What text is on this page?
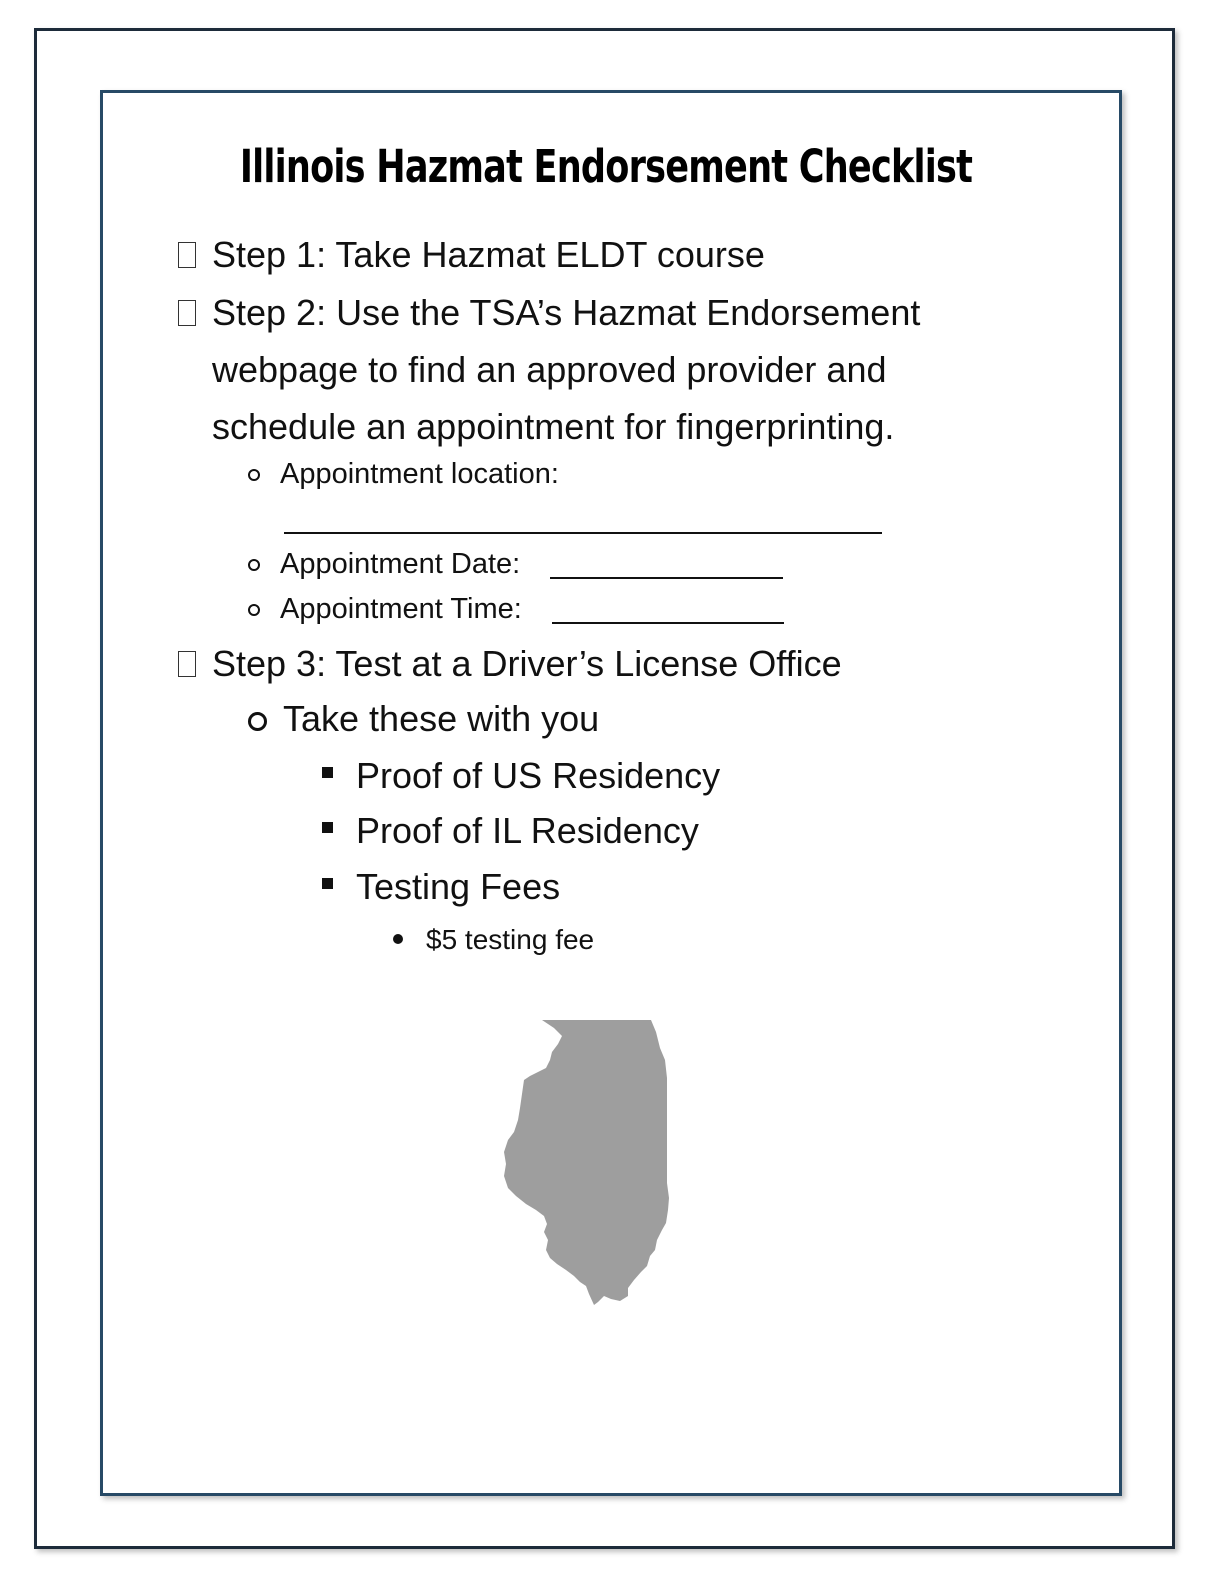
Illinois Hazmat Endorsement Checklist
Step 1: Take Hazmat ELDT course
Step 2: Use the TSA’s Hazmat Endorsement
webpage to find an approved provider and
schedule an appointment for fingerprinting.
Appointment location:
Appointment Date:
Appointment Time:
Step 3: Test at a Driver’s License Office
Take these with you
Proof of US Residency
Proof of IL Residency
Testing Fees
$5 testing fee
